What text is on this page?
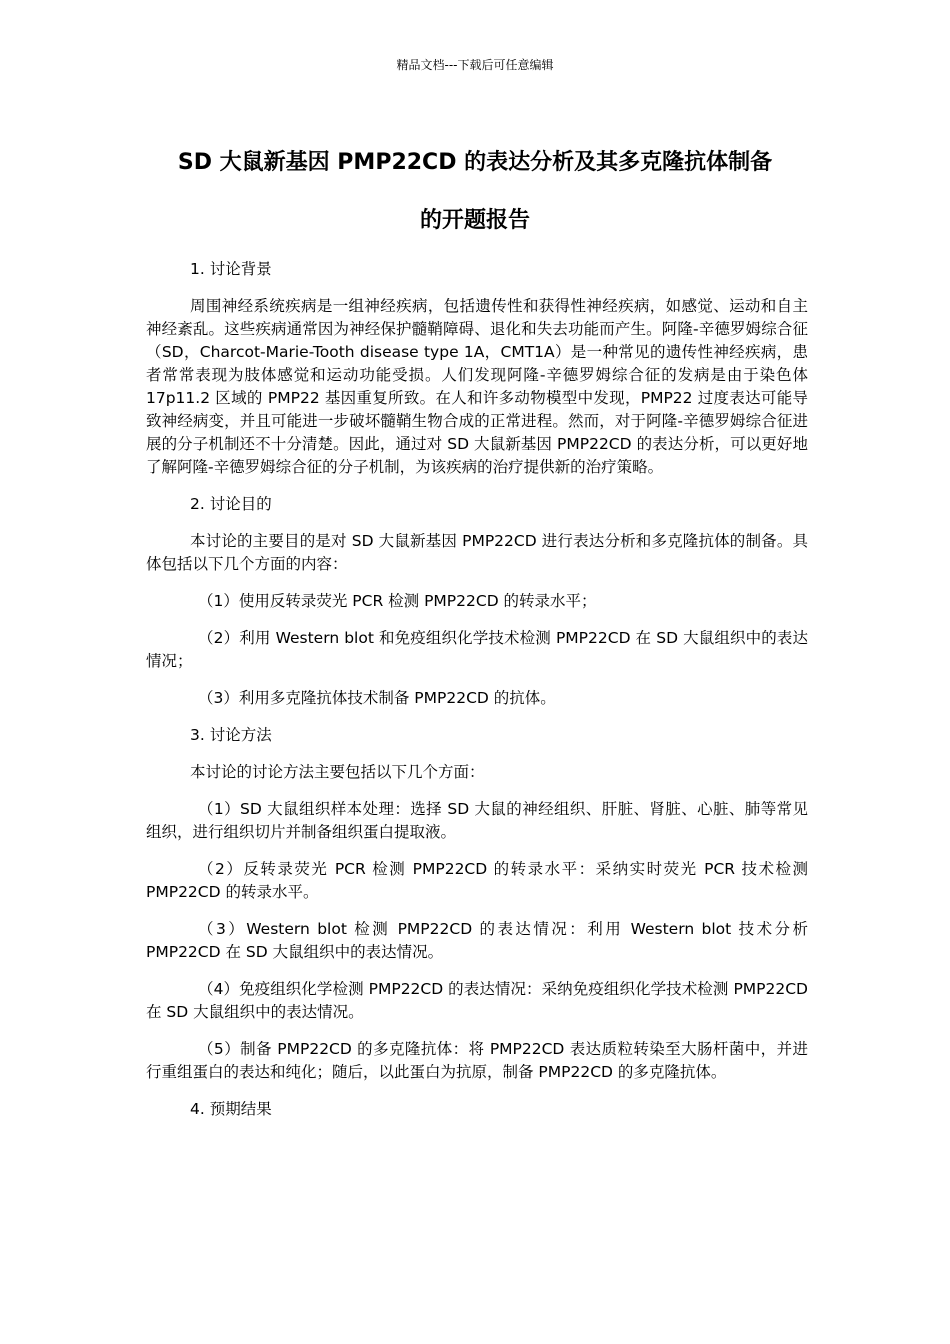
精品文档---下载后可任意编辑
SD 大鼠新基因 PMP22CD 的表达分析及其多克隆抗体制备
的开题报告

1. 讨论背景

周围神经系统疾病是一组神经疾病，包括遗传性和获得性神经疾病，如感觉、运动和自主神经紊乱。这些疾病通常因为神经保护髓鞘障碍、退化和失去功能而产生。阿隆-辛德罗姆综合征（SD，Charcot-Marie-Tooth disease type 1A，CMT1A）是一种常见的遗传性神经疾病，患者常常表现为肢体感觉和运动功能受损。人们发现阿隆-辛德罗姆综合征的发病是由于染色体 17p11.2 区域的 PMP22 基因重复所致。在人和许多动物模型中发现，PMP22 过度表达可能导致神经病变，并且可能进一步破坏髓鞘生物合成的正常进程。然而，对于阿隆-辛德罗姆综合征进展的分子机制还不十分清楚。因此，通过对 SD 大鼠新基因 PMP22CD 的表达分析，可以更好地了解阿隆-辛德罗姆综合征的分子机制，为该疾病的治疗提供新的治疗策略。

2. 讨论目的

本讨论的主要目的是对 SD 大鼠新基因 PMP22CD 进行表达分析和多克隆抗体的制备。具体包括以下几个方面的内容：

（1）使用反转录荧光 PCR 检测 PMP22CD 的转录水平；

（2）利用 Western blot 和免疫组织化学技术检测 PMP22CD 在 SD 大鼠组织中的表达情况；

（3）利用多克隆抗体技术制备 PMP22CD 的抗体。

3. 讨论方法

本讨论的讨论方法主要包括以下几个方面：

（1）SD 大鼠组织样本处理：选择 SD 大鼠的神经组织、肝脏、肾脏、心脏、肺等常见组织，进行组织切片并制备组织蛋白提取液。

（2）反转录荧光 PCR 检测 PMP22CD 的转录水平：采纳实时荧光 PCR 技术检测 PMP22CD 的转录水平。

（3）Western blot 检测 PMP22CD 的表达情况：利用 Western blot 技术分析 PMP22CD 在 SD 大鼠组织中的表达情况。

（4）免疫组织化学检测 PMP22CD 的表达情况：采纳免疫组织化学技术检测 PMP22CD 在 SD 大鼠组织中的表达情况。

（5）制备 PMP22CD 的多克隆抗体：将 PMP22CD 表达质粒转染至大肠杆菌中，并进行重组蛋白的表达和纯化；随后，以此蛋白为抗原，制备 PMP22CD 的多克隆抗体。

4. 预期结果
